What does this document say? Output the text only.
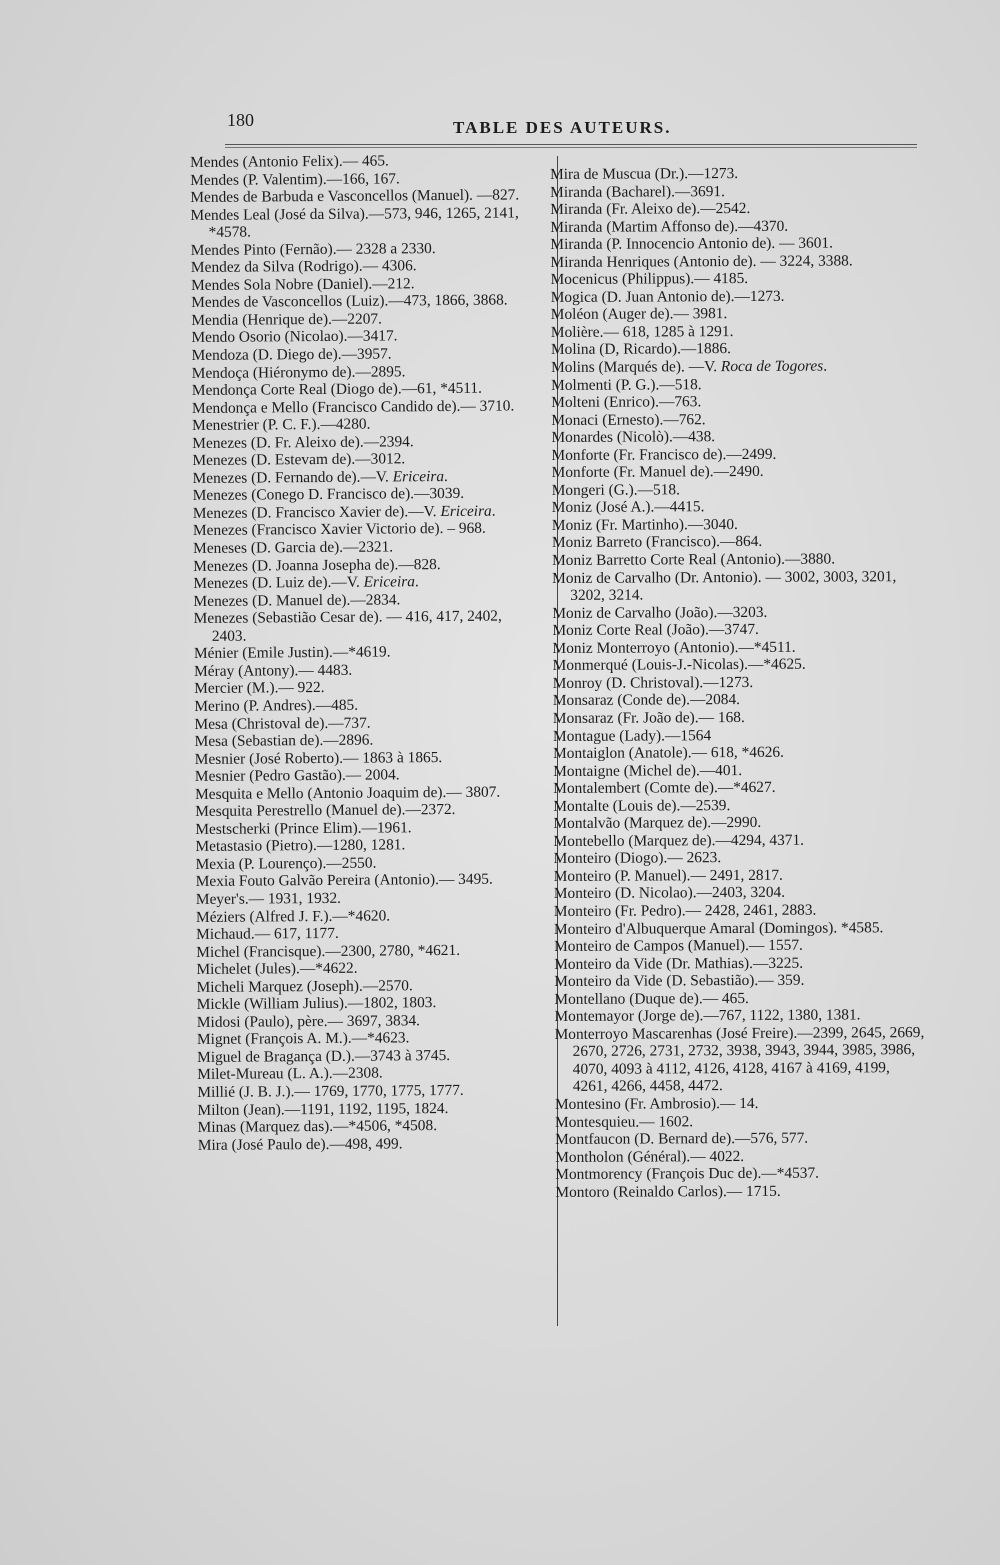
180	TABLE DES AUTEURS.
Mendes (Antonio Felix).— 465.
Mendes (P. Valentim).—166, 167.
Mendes de Barbuda e Vasconcellos (Manuel). —827.
Mendes Leal (José da Silva).—573, 946, 1265, 2141, *4578.
Mendes Pinto (Fernão).— 2328 a 2330.
Mendez da Silva (Rodrigo).— 4306.
Mendes Sola Nobre (Daniel).—212.
Mendes de Vasconcellos (Luiz).—473, 1866, 3868.
Mendia (Henrique de).—2207.
Mendo Osorio (Nicolao).—3417.
Mendoza (D. Diego de).—3957.
Mendoça (Hiéronymo de).—2895.
Mendonça Corte Real (Diogo de).—61, *4511.
Mendonça e Mello (Francisco Candido de).— 3710.
Menestrier (P. C. F.).—4280.
Menezes (D. Fr. Aleixo de).—2394.
Menezes (D. Estevam de).—3012.
Menezes (D. Fernando de).—V. Ericeira.
Menezes (Conego D. Francisco de).—3039.
Menezes (D. Francisco Xavier de).—V. Ericeira.
Menezes (Francisco Xavier Victorio de). – 968.
Meneses (D. Garcia de).—2321.
Menezes (D. Joanna Josepha de).—828.
Menezes (D. Luiz de).—V. Ericeira.
Menezes (D. Manuel de).—2834.
Menezes (Sebastião Cesar de). — 416, 417, 2402, 2403.
Ménier (Emile Justin).—*4619.
Méray (Antony).— 4483.
Mercier (M.).— 922.
Merino (P. Andres).—485.
Mesa (Christoval de).—737.
Mesa (Sebastian de).—2896.
Mesnier (José Roberto).— 1863 à 1865.
Mesnier (Pedro Gastão).— 2004.
Mesquita e Mello (Antonio Joaquim de).— 3807.
Mesquita Perestrello (Manuel de).—2372.
Mestscherki (Prince Elim).—1961.
Metastasio (Pietro).—1280, 1281.
Mexia (P. Lourenço).—2550.
Mexia Fouto Galvão Pereira (Antonio).— 3495.
Meyer's.— 1931, 1932.
Méziers (Alfred J. F.).—*4620.
Michaud.— 617, 1177.
Michel (Francisque).—2300, 2780, *4621.
Michelet (Jules).—*4622.
Micheli Marquez (Joseph).—2570.
Mickle (William Julius).—1802, 1803.
Midosi (Paulo), père.— 3697, 3834.
Mignet (François A. M.).—*4623.
Miguel de Bragança (D.).—3743 à 3745.
Milet-Mureau (L. A.).—2308.
Millié (J. B. J.).— 1769, 1770, 1775, 1777.
Milton (Jean).—1191, 1192, 1195, 1824.
Minas (Marquez das).—*4506, *4508.
Mira (José Paulo de).—498, 499.
Mira de Muscua (Dr.).—1273.
Miranda (Bacharel).—3691.
Miranda (Fr. Aleixo de).—2542.
Miranda (Martim Affonso de).—4370.
Miranda (P. Innocencio Antonio de). — 3601.
Miranda Henriques (Antonio de). — 3224, 3388.
Mocenicus (Philippus).— 4185.
Mogica (D. Juan Antonio de).—1273.
Moléon (Auger de).— 3981.
Molière.— 618, 1285 à 1291.
Molina (D, Ricardo).—1886.
Molins (Marqués de). —V. Roca de Togores.
Molmenti (P. G.).—518.
Molteni (Enrico).—763.
Monaci (Ernesto).—762.
Monardes (Nicolò).—438.
Monforte (Fr. Francisco de).—2499.
Monforte (Fr. Manuel de).—2490.
Mongeri (G.).—518.
Moniz (José A.).—4415.
Moniz (Fr. Martinho).—3040.
Moniz Barreto (Francisco).—864.
Moniz Barretto Corte Real (Antonio).—3880.
Moniz de Carvalho (Dr. Antonio). — 3002, 3003, 3201, 3202, 3214.
Moniz de Carvalho (João).—3203.
Moniz Corte Real (João).—3747.
Moniz Monterroyo (Antonio).—*4511.
Monmerqué (Louis-J.-Nicolas).—*4625.
Monroy (D. Christoval).—1273.
Monsaraz (Conde de).—2084.
Monsaraz (Fr. João de).— 168.
Montague (Lady).—1564
Montaiglon (Anatole).— 618, *4626.
Montaigne (Michel de).—401.
Montalembert (Comte de).—*4627.
Montalte (Louis de).—2539.
Montalvão (Marquez de).—2990.
Montebello (Marquez de).—4294, 4371.
Monteiro (Diogo).— 2623.
Monteiro (P. Manuel).— 2491, 2817.
Monteiro (D. Nicolao).—2403, 3204.
Monteiro (Fr. Pedro).— 2428, 2461, 2883.
Monteiro d'Albuquerque Amaral (Domingos). *4585.
Monteiro de Campos (Manuel).— 1557.
Monteiro da Vide (Dr. Mathias).—3225.
Monteiro da Vide (D. Sebastião).— 359.
Montellano (Duque de).— 465.
Montemayor (Jorge de).—767, 1122, 1380, 1381.
Monterroyo Mascarenhas (José Freire).—2399, 2645, 2669, 2670, 2726, 2731, 2732, 3938, 3943, 3944, 3985, 3986, 4070, 4093 à 4112, 4126, 4128, 4167 à 4169, 4199, 4261, 4266, 4458, 4472.
Montesino (Fr. Ambrosio).— 14.
Montesquieu.— 1602.
Montfaucon (D. Bernard de).—576, 577.
Montholon (Général).— 4022.
Montmorency (François Duc de).—*4537.
Montoro (Reinaldo Carlos).— 1715.
